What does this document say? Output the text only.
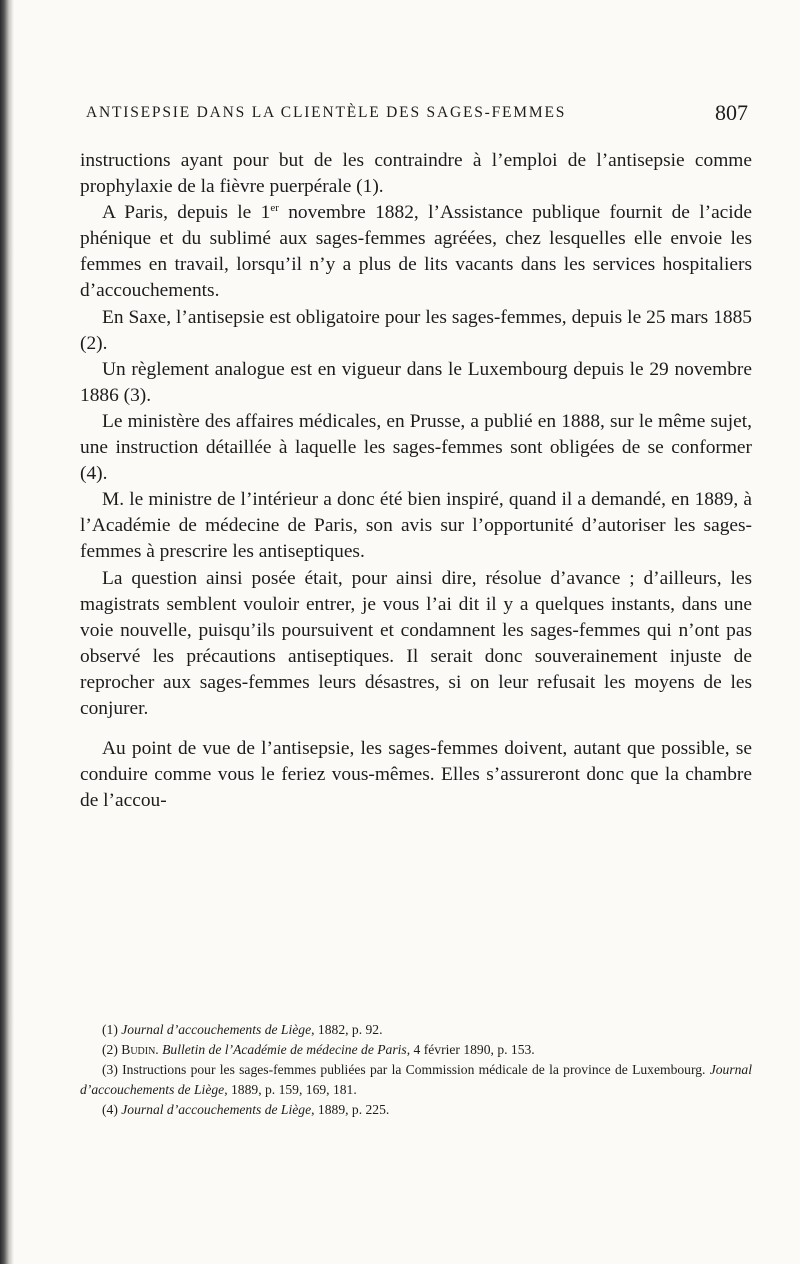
ANTISEPSIE DANS LA CLIENTÈLE DES SAGES-FEMMES	807

instructions ayant pour but de les contraindre à l’emploi de l’antisepsie comme prophylaxie de la fièvre puerpérale (1).

A Paris, depuis le 1er novembre 1882, l’Assistance publique fournit de l’acide phénique et du sublimé aux sages-femmes agréées, chez lesquelles elle envoie les femmes en travail, lorsqu’il n’y a plus de lits vacants dans les services hospitaliers d’accouchements.

En Saxe, l’antisepsie est obligatoire pour les sages-femmes, depuis le 25 mars 1885 (2).

Un règlement analogue est en vigueur dans le Luxembourg depuis le 29 novembre 1886 (3).

Le ministère des affaires médicales, en Prusse, a publié en 1888, sur le même sujet, une instruction détaillée à laquelle les sages-femmes sont obligées de se conformer (4).

M. le ministre de l’intérieur a donc été bien inspiré, quand il a demandé, en 1889, à l’Académie de médecine de Paris, son avis sur l’opportunité d’autoriser les sages-femmes à prescrire les antiseptiques.

La question ainsi posée était, pour ainsi dire, résolue d’avance ; d’ailleurs, les magistrats semblent vouloir entrer, je vous l’ai dit il y a quelques instants, dans une voie nouvelle, puisqu’ils poursuivent et condamnent les sages-femmes qui n’ont pas observé les précautions antiseptiques. Il serait donc souverainement injuste de reprocher aux sages-femmes leurs désastres, si on leur refusait les moyens de les conjurer.

Au point de vue de l’antisepsie, les sages-femmes doivent, autant que possible, se conduire comme vous le feriez vous-mêmes. Elles s’assureront donc que la chambre de l’accou-

(1) Journal d’accouchements de Liège, 1882, p. 92.
(2) Budin. Bulletin de l’Académie de médecine de Paris, 4 février 1890, p. 153.
(3) Instructions pour les sages-femmes publiées par la Commission médicale de la province de Luxembourg. Journal d’accouchements de Liège, 1889, p. 159, 169, 181.
(4) Journal d’accouchements de Liège, 1889, p. 225.
